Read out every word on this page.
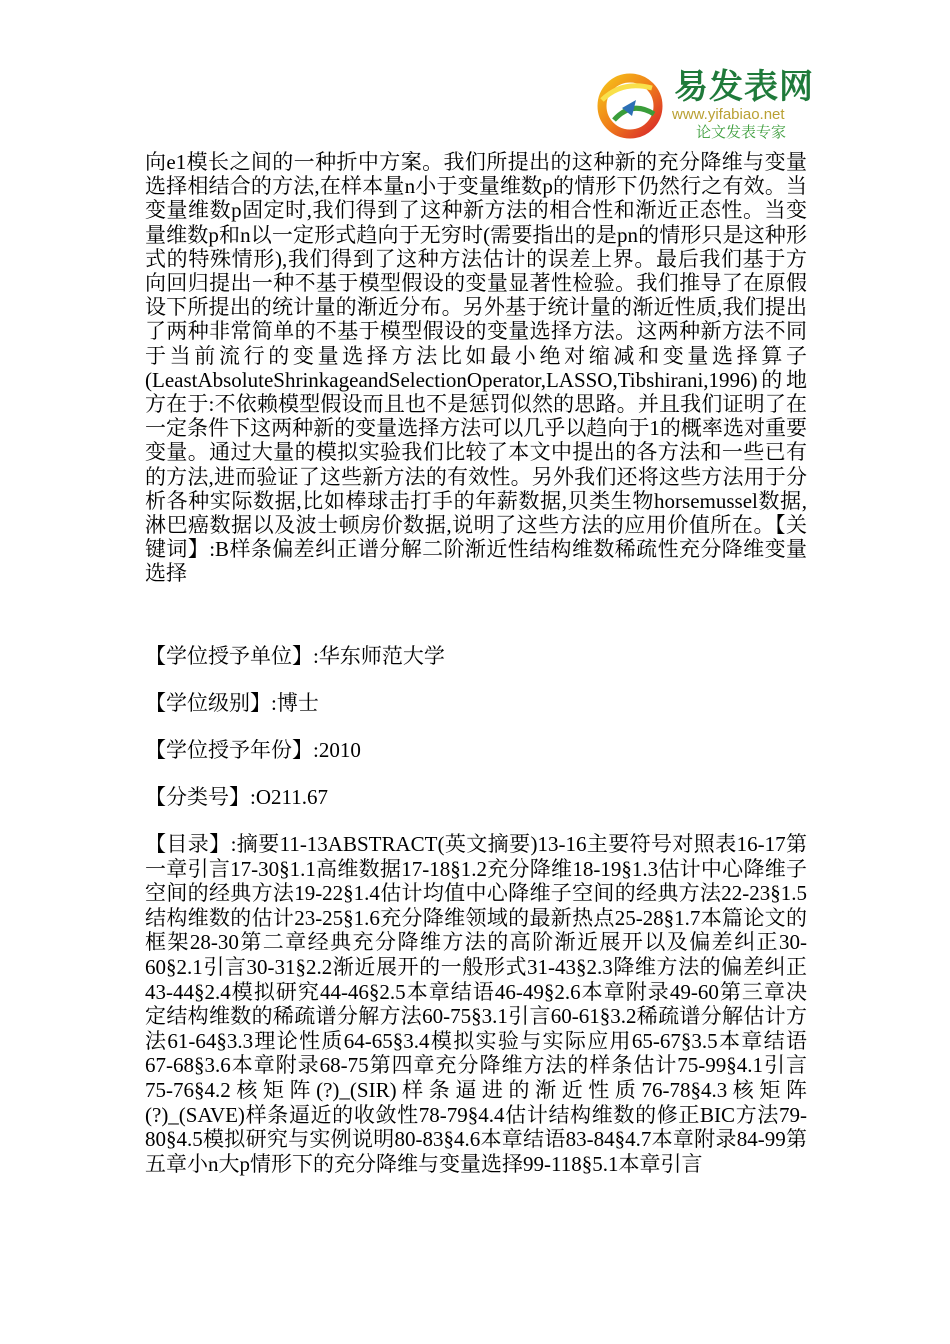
易发表网
www.yifabiao.net
论文发表专家

向e1模长之间的一种折中方案。我们所提出的这种新的充分降维与变量选择相结合的方法,在样本量n小于变量维数p的情形下仍然行之有效。当变量维数p固定时,我们得到了这种新方法的相合性和渐近正态性。当变量维数p和n以一定形式趋向于无穷时(需要指出的是pn的情形只是这种形式的特殊情形),我们得到了这种方法估计的误差上界。最后我们基于方向回归提出一种不基于模型假设的变量显著性检验。我们推导了在原假设下所提出的统计量的渐近分布。另外基于统计量的渐近性质,我们提出了两种非常简单的不基于模型假设的变量选择方法。这两种新方法不同于当前流行的变量选择方法比如最小绝对缩减和变量选择算子(LeastAbsoluteShrinkageandSelectionOperator,LASSO,Tibshirani,1996)的地方在于:不依赖模型假设而且也不是惩罚似然的思路。并且我们证明了在一定条件下这两种新的变量选择方法可以几乎以趋向于1的概率选对重要变量。通过大量的模拟实验我们比较了本文中提出的各方法和一些已有的方法,进而验证了这些新方法的有效性。另外我们还将这些方法用于分析各种实际数据,比如棒球击打手的年薪数据,贝类生物horsemussel数据,淋巴癌数据以及波士顿房价数据,说明了这些方法的应用价值所在。【关键词】:B样条偏差纠正谱分解二阶渐近性结构维数稀疏性充分降维变量选择

【学位授予单位】:华东师范大学

【学位级别】:博士

【学位授予年份】:2010

【分类号】:O211.67

【目录】:摘要11-13ABSTRACT(英文摘要)13-16主要符号对照表16-17第一章引言17-30§1.1高维数据17-18§1.2充分降维18-19§1.3估计中心降维子空间的经典方法19-22§1.4估计均值中心降维子空间的经典方法22-23§1.5结构维数的估计23-25§1.6充分降维领域的最新热点25-28§1.7本篇论文的框架28-30第二章经典充分降维方法的高阶渐近展开以及偏差纠正30-60§2.1引言30-31§2.2渐近展开的一般形式31-43§2.3降维方法的偏差纠正43-44§2.4模拟研究44-46§2.5本章结语46-49§2.6本章附录49-60第三章决定结构维数的稀疏谱分解方法60-75§3.1引言60-61§3.2稀疏谱分解估计方法61-64§3.3理论性质64-65§3.4模拟实验与实际应用65-67§3.5本章结语67-68§3.6本章附录68-75第四章充分降维方法的样条估计75-99§4.1引言75-76§4.2核矩阵(?)_(SIR)样条逼进的渐近性质76-78§4.3核矩阵(?)_(SAVE)样条逼近的收敛性78-79§4.4估计结构维数的修正BIC方法79-80§4.5模拟研究与实例说明80-83§4.6本章结语83-84§4.7本章附录84-99第五章小n大p情形下的充分降维与变量选择99-118§5.1本章引言
